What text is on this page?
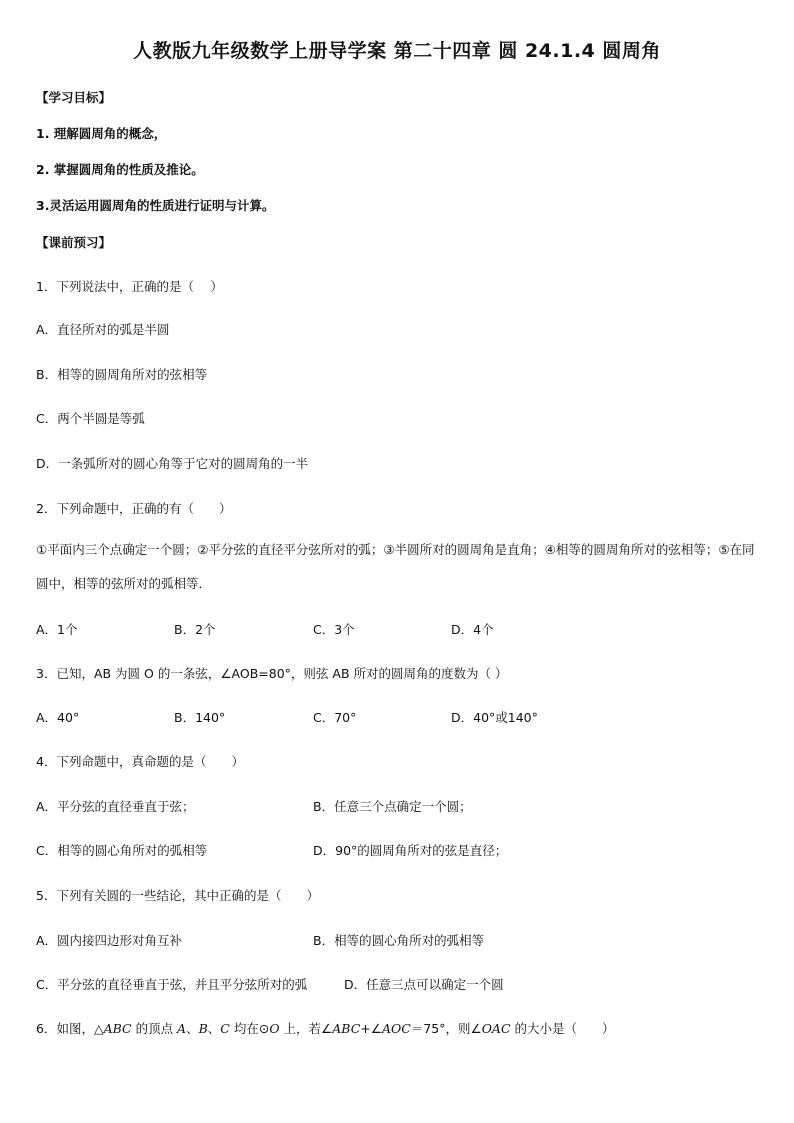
人教版九年级数学上册导学案 第二十四章 圆 24.1.4 圆周角
【学习目标】
1. 理解圆周角的概念，
2. 掌握圆周角的性质及推论。
3.灵活运用圆周角的性质进行证明与计算。
【课前预习】
1．下列说法中，正确的是（　 ）
A．直径所对的弧是半圆
B．相等的圆周角所对的弦相等
C．两个半圆是等弧
D．一条弧所对的圆心角等于它对的圆周角的一半
2．下列命题中，正确的有（　　）
①平面内三个点确定一个圆；②平分弦的直径平分弦所对的弧；③半圆所对的圆周角是直角；④相等的圆周角所对的弦相等；⑤在同圆中，相等的弦所对的弧相等．
A．1个	B．2个	C．3个	D．4个
3．已知，AB 为圆 O 的一条弦，∠AOB=80°，则弦 AB 所对的圆周角的度数为（ ）
A．40°	B．140°	C．70°	D．40°或140°
4．下列命题中，真命题的是（　　）
A．平分弦的直径垂直于弦；	B．任意三个点确定一个圆；
C．相等的圆心角所对的弧相等	D．90°的圆周角所对的弦是直径；
5．下列有关圆的一些结论，其中正确的是（　　）
A．圆内接四边形对角互补	B．相等的圆心角所对的弧相等
C．平分弦的直径垂直于弦，并且平分弦所对的弧	D．任意三点可以确定一个圆
6．如图，△ABC 的顶点 A、B、C 均在⊙O 上，若∠ABC+∠AOC＝75°，则∠OAC 的大小是（　　）
